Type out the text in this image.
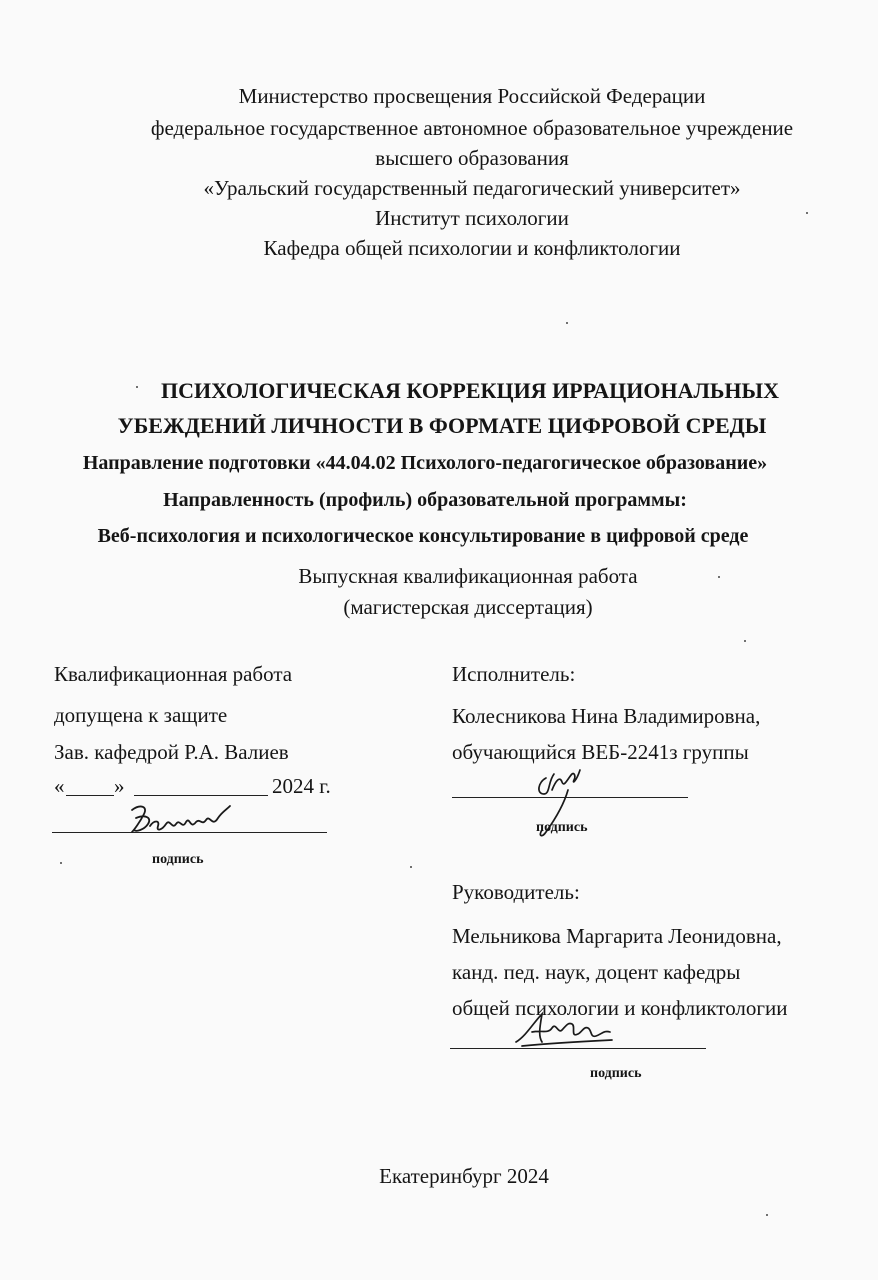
Министерство просвещения Российской Федерации
федеральное государственное автономное образовательное учреждение
высшего образования
«Уральский государственный педагогический университет»
Институт психологии
Кафедра общей психологии и конфликтологии
ПСИХОЛОГИЧЕСКАЯ КОРРЕКЦИЯ ИРРАЦИОНАЛЬНЫХ
УБЕЖДЕНИЙ ЛИЧНОСТИ В ФОРМАТЕ ЦИФРОВОЙ СРЕДЫ
Направление подготовки «44.04.02 Психолого-педагогическое образование»
Направленность (профиль) образовательной программы:
Веб-психология и психологическое консультирование в цифровой среде
Выпускная квалификационная работа
(магистерская диссертация)
Квалификационная работа
допущена к защите
Зав. кафедрой Р.А. Валиев
« »	2024 г.
подпись
Исполнитель:
Колесникова Нина Владимировна,
обучающийся ВЕБ-2241з группы
подпись
Руководитель:
Мельникова Маргарита Леонидовна,
канд. пед. наук, доцент кафедры
общей психологии и конфликтологии
подпись
Екатеринбург 2024
